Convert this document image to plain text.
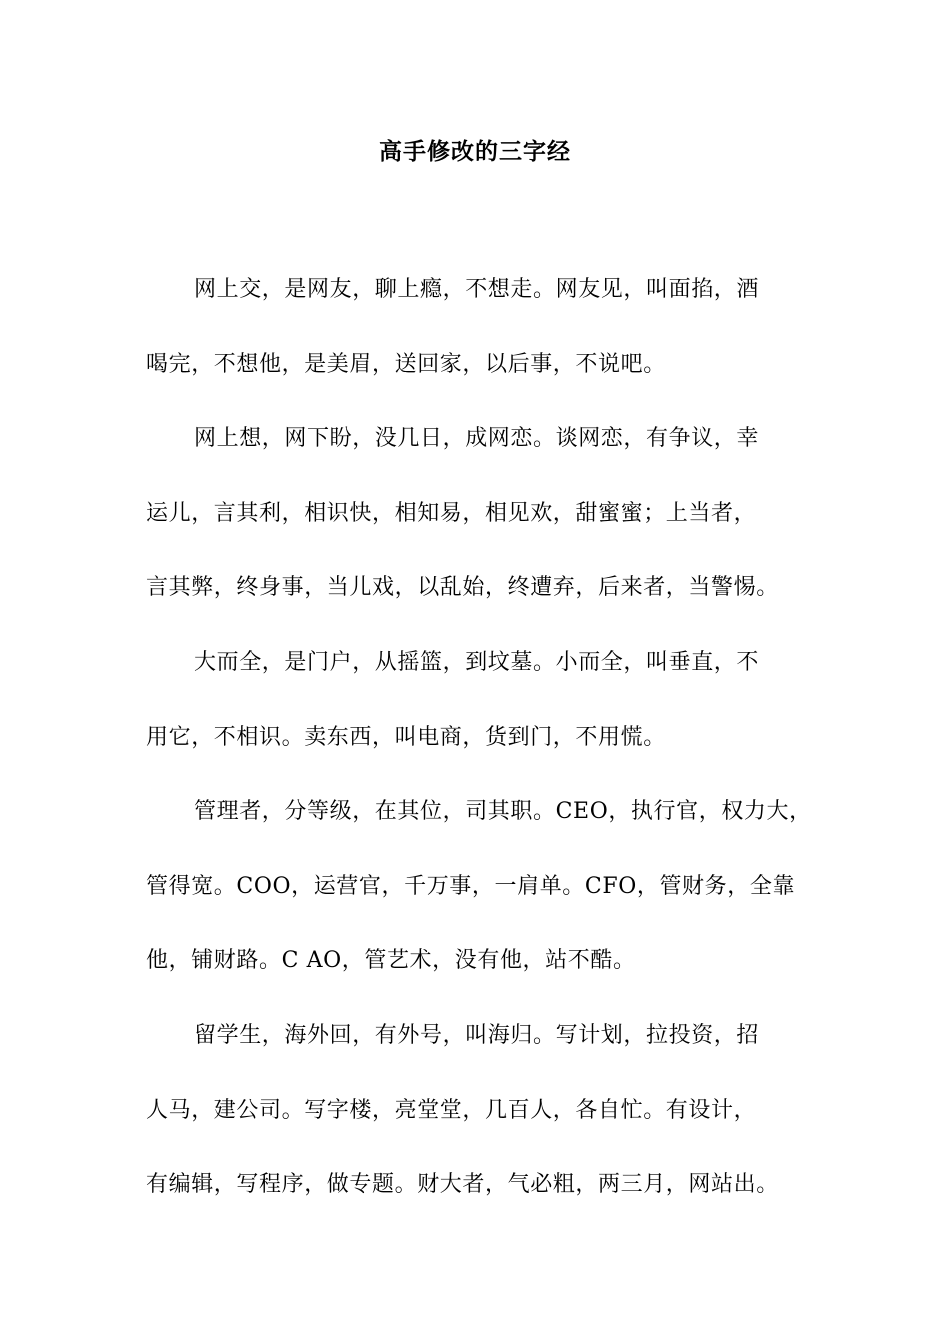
高手修改的三字经
网上交，是网友，聊上瘾，不想走。网友见，叫面掐，酒
喝完，不想他，是美眉，送回家，以后事，不说吧。
网上想，网下盼，没几日，成网恋。谈网恋，有争议，幸
运儿，言其利，相识快，相知易，相见欢，甜蜜蜜；上当者，
言其弊，终身事，当儿戏，以乱始，终遭弃，后来者，当警惕。
大而全，是门户，从摇篮，到坟墓。小而全，叫垂直，不
用它，不相识。卖东西，叫电商，货到门，不用慌。
管理者，分等级，在其位，司其职。CEO，执行官，权力大，
管得宽。COO，运营官，千万事，一肩单。CFO，管财务，全靠
他，铺财路。C AO，管艺术，没有他，站不酷。
留学生，海外回，有外号，叫海归。写计划，拉投资，招
人马，建公司。写字楼，亮堂堂，几百人，各自忙。有设计，
有编辑，写程序，做专题。财大者，气必粗，两三月，网站出。
